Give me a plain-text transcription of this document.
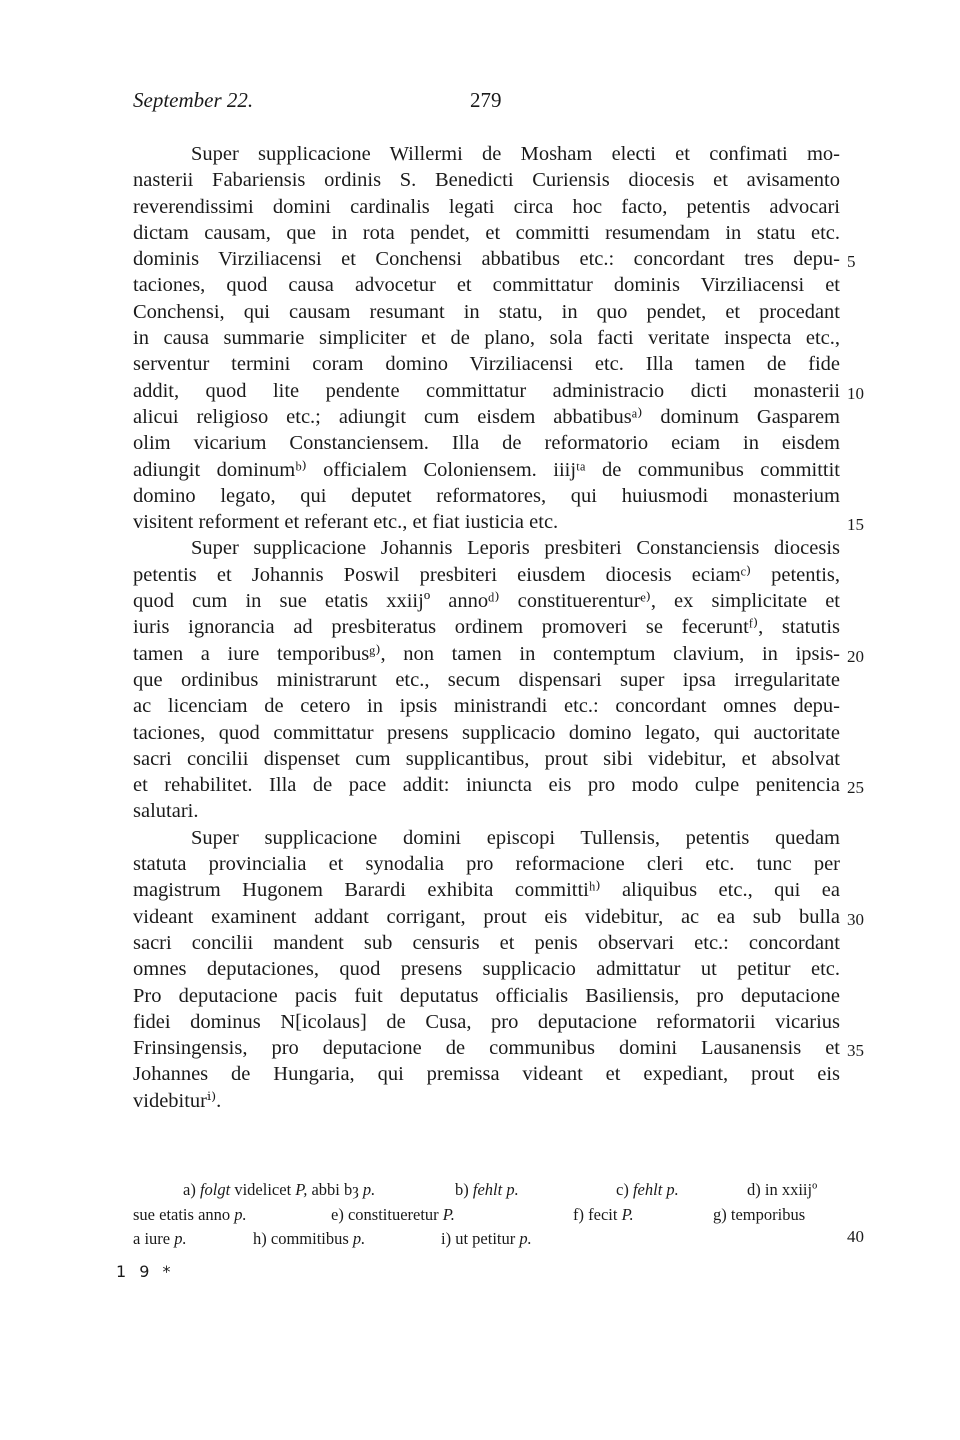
September 22.	279
Super supplicacione Willermi de Mosham electi et confimati mo-
nasterii Fabariensis ordinis S. Benedicti Curiensis diocesis et avisamento
reverendissimi domini cardinalis legati circa hoc facto, petentis advocari
dictam causam, que in rota pendet, et committi resumendam in statu etc.
dominis Virziliacensi et Conchensi abbatibus etc.: concordant tres depu-
taciones, quod causa advocetur et committatur dominis Virziliacensi et
Conchensi, qui causam resumant in statu, in quo pendet, et procedant
in causa summarie simpliciter et de plano, sola facti veritate inspecta etc.,
serventur termini coram domino Virziliacensi etc. Illa tamen de fide
addit, quod lite pendente committatur administracio dicti monasterii
alicui religioso etc.; adiungit cum eisdem abbatibusᵃ⁾ dominum Gasparem
olim vicarium Constanciensem. Illa de reformatorio eciam in eisdem
adiungit dominumᵇ⁾ officialem Coloniensem. iiijᵗᵃ de communibus committit
domino legato, qui deputet reformatores, qui huiusmodi monasterium
visitent reforment et referant etc., et fiat iusticia etc.
Super supplicacione Johannis Leporis presbiteri Constanciensis diocesis
petentis et Johannis Poswil presbiteri eiusdem diocesis eciamᶜ⁾ petentis,
quod cum in sue etatis xxiijº annoᵈ⁾ constituerenturᵉ⁾, ex simplicitate et
iuris ignorancia ad presbiteratus ordinem promoveri se feceruntᶠ⁾, statutis
tamen a iure temporibusᵍ⁾, non tamen in contemptum clavium, in ipsis-
que ordinibus ministrarunt etc., secum dispensari super ipsa irregularitate
ac licenciam de cetero in ipsis ministrandi etc.: concordant omnes depu-
taciones, quod committatur presens supplicacio domino legato, qui auctoritate
sacri concilii dispenset cum supplicantibus, prout sibi videbitur, et absolvat
et rehabilitet. Illa de pace addit: iniuncta eis pro modo culpe penitencia
salutari.
Super supplicacione domini episcopi Tullensis, petentis quedam
statuta provincialia et synodalia pro reformacione cleri etc. tunc per
magistrum Hugonem Barardi exhibita committiʰ⁾ aliquibus etc., qui ea
videant examinent addant corrigant, prout eis videbitur, ac ea sub bulla
sacri concilii mandent sub censuris et penis observari etc.: concordant
omnes deputaciones, quod presens supplicacio admittatur ut petitur etc.
Pro deputacione pacis fuit deputatus officialis Basiliensis, pro deputacione
fidei dominus N[icolaus] de Cusa, pro deputacione reformatorii vicarius
Frinsingensis, pro deputacione de communibus domini Lausanensis et
Johannes de Hungaria, qui premissa videant et expediant, prout eis
videbiturⁱ⁾.
5
10
15
20
25
30
35
40
a) folgt videlicet P, abbi bȝ p.	b) fehlt p.	c) fehlt p.	d) in xxiijº
sue etatis anno p.	e) constitueretur P.	f) fecit P.	g) temporibus
a iure p.	h) commitibus p.	i) ut petitur p.
1 9 *
